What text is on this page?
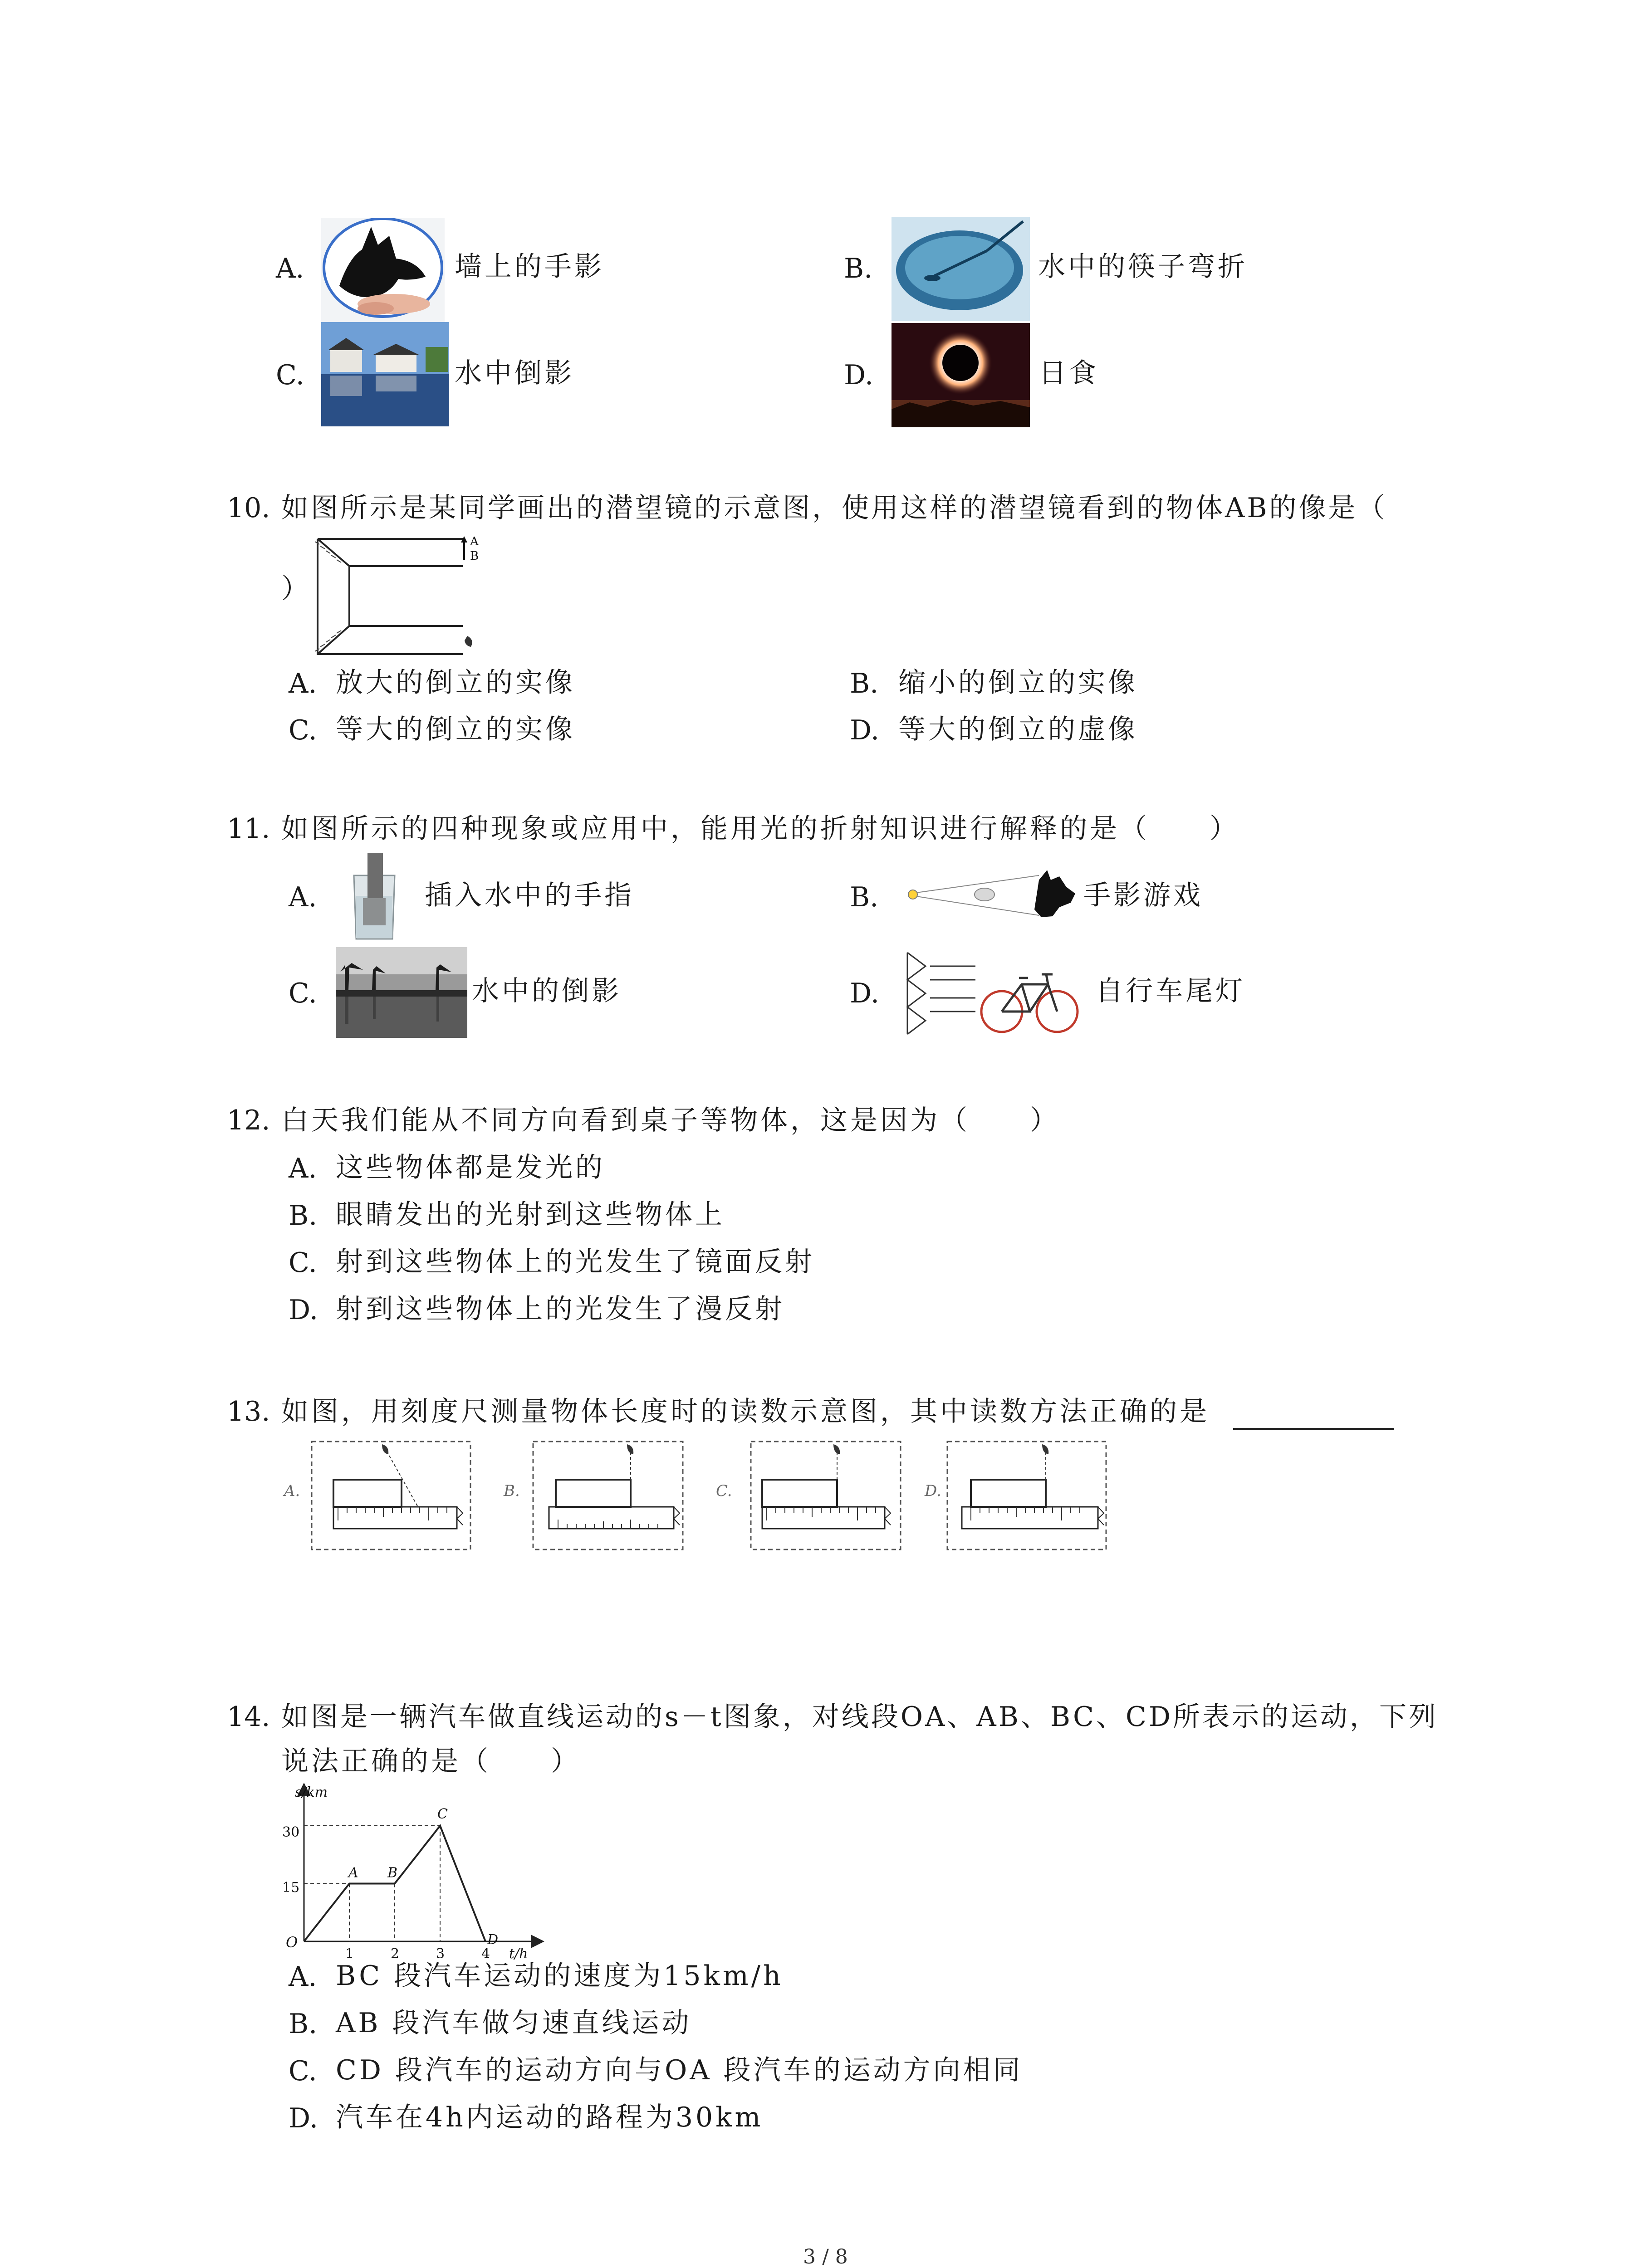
A.	墙上的手影	B.	水中的筷子弯折
C.	水中倒影	D.	日食
10. 如图所示是某同学画出的潜望镜的示意图，使用这样的潜望镜看到的物体AB的像是（
）
A
B
A. 放大的倒立的实像	B. 缩小的倒立的实像
C. 等大的倒立的实像	D. 等大的倒立的虚像
11. 如图所示的四种现象或应用中，能用光的折射知识进行解释的是（　　）
A.	插入水中的手指	B.	手影游戏
C.	水中的倒影	D.	自行车尾灯
12. 白天我们能从不同方向看到桌子等物体，这是因为（　　）
A. 这些物体都是发光的
B. 眼睛发出的光射到这些物体上
C. 射到这些物体上的光发生了镜面反射
D. 射到这些物体上的光发生了漫反射
13. 如图，用刻度尺测量物体长度时的读数示意图，其中读数方法正确的是
A.	B.	C.	D.
14. 如图是一辆汽车做直线运动的s－t图象，对线段OA、AB、BC、CD所表示的运动，下列
说法正确的是（　　）
s/km
t/h
O
30
15
1	2	3	4
A B
C
D
A. BC 段汽车运动的速度为15km/h
B. AB 段汽车做匀速直线运动
C. CD 段汽车的运动方向与OA 段汽车的运动方向相同
D. 汽车在4h内运动的路程为30km
3 / 8
